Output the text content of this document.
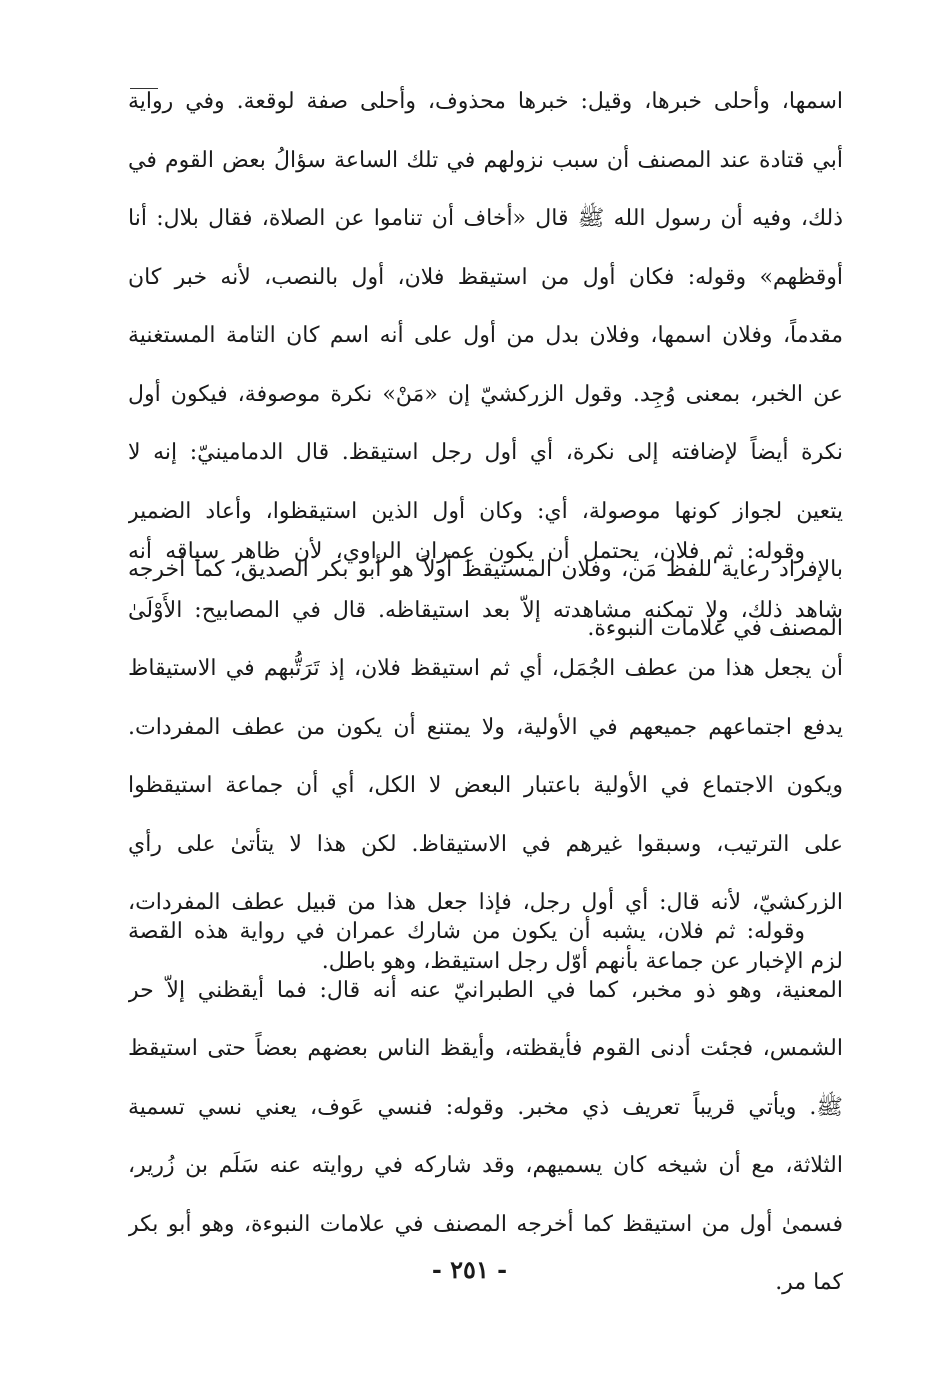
اسمها، وأحلى خبرها، وقيل: خبرها محذوف، وأحلى صفة لوقعة. وفي رواية
أبي قتادة عند المصنف أن سبب نزولهم في تلك الساعة سؤالُ بعض القوم في
ذلك، وفيه أن رسول الله ﷺ قال «أخاف أن تناموا عن الصلاة، فقال بلال: أنا
أوقظهم» وقوله: فكان أول من استيقظ فلان، أول بالنصب، لأنه خبر كان
مقدماً، وفلان اسمها، وفلان بدل من أول على أنه اسم كان التامة المستغنية
عن الخبر، بمعنى وُجِد. وقول الزركشيّ إن «مَنْ» نكرة موصوفة، فيكون أول
نكرة أيضاً لإضافته إلى نكرة، أي أول رجل استيقظ. قال الدمامينيّ: إنه لا
يتعين لجواز كونها موصولة، أي: وكان أول الذين استيقظوا، وأعاد الضمير
بالإفراد رعاية للفظ مَن، وفلان المستيقظ أولاً هو أبو بكر الصديق، كما أخرجه
المصنف في علامات النبوءة.
وقوله: ثم فلان، يحتمل أن يكون عِمران الراوي، لأن ظاهر سياقه أنه
شاهد ذلك، ولا تمكنه مشاهدته إلاّ بعد استيقاظه. قال في المصابيح: الأَوْلَىٰ
أن يجعل هذا من عطف الجُمَل، أي ثم استيقظ فلان، إذ تَرَتُّبهم في الاستيقاظ
يدفع اجتماعهم جميعهم في الأولية، ولا يمتنع أن يكون من عطف المفردات.
ويكون الاجتماع في الأولية باعتبار البعض لا الكل، أي أن جماعة استيقظوا
على الترتيب، وسبقوا غيرهم في الاستيقاظ. لكن هذا لا يتأتىٰ على رأي
الزركشيّ، لأنه قال: أي أول رجل، فإذا جعل هذا من قبيل عطف المفردات،
لزم الإخبار عن جماعة بأنهم أوّل رجل استيقظ، وهو باطل.
وقوله: ثم فلان، يشبه أن يكون من شارك عمران في رواية هذه القصة
المعنية، وهو ذو مخبر، كما في الطبرانيّ عنه أنه قال: فما أيقظني إلاّ حر
الشمس، فجئت أدنى القوم فأيقظته، وأيقظ الناس بعضهم بعضاً حتى استيقظ
ﷺ. ويأتي قريباً تعريف ذي مخبر. وقوله: فنسي عَوف، يعني نسي تسمية
الثلاثة، مع أن شيخه كان يسميهم، وقد شاركه في روايته عنه سَلَم بن زُرير،
فسمىٰ أول من استيقظ كما أخرجه المصنف في علامات النبوءة، وهو أبو بكر
كما مر.
- ٢٥١ -
